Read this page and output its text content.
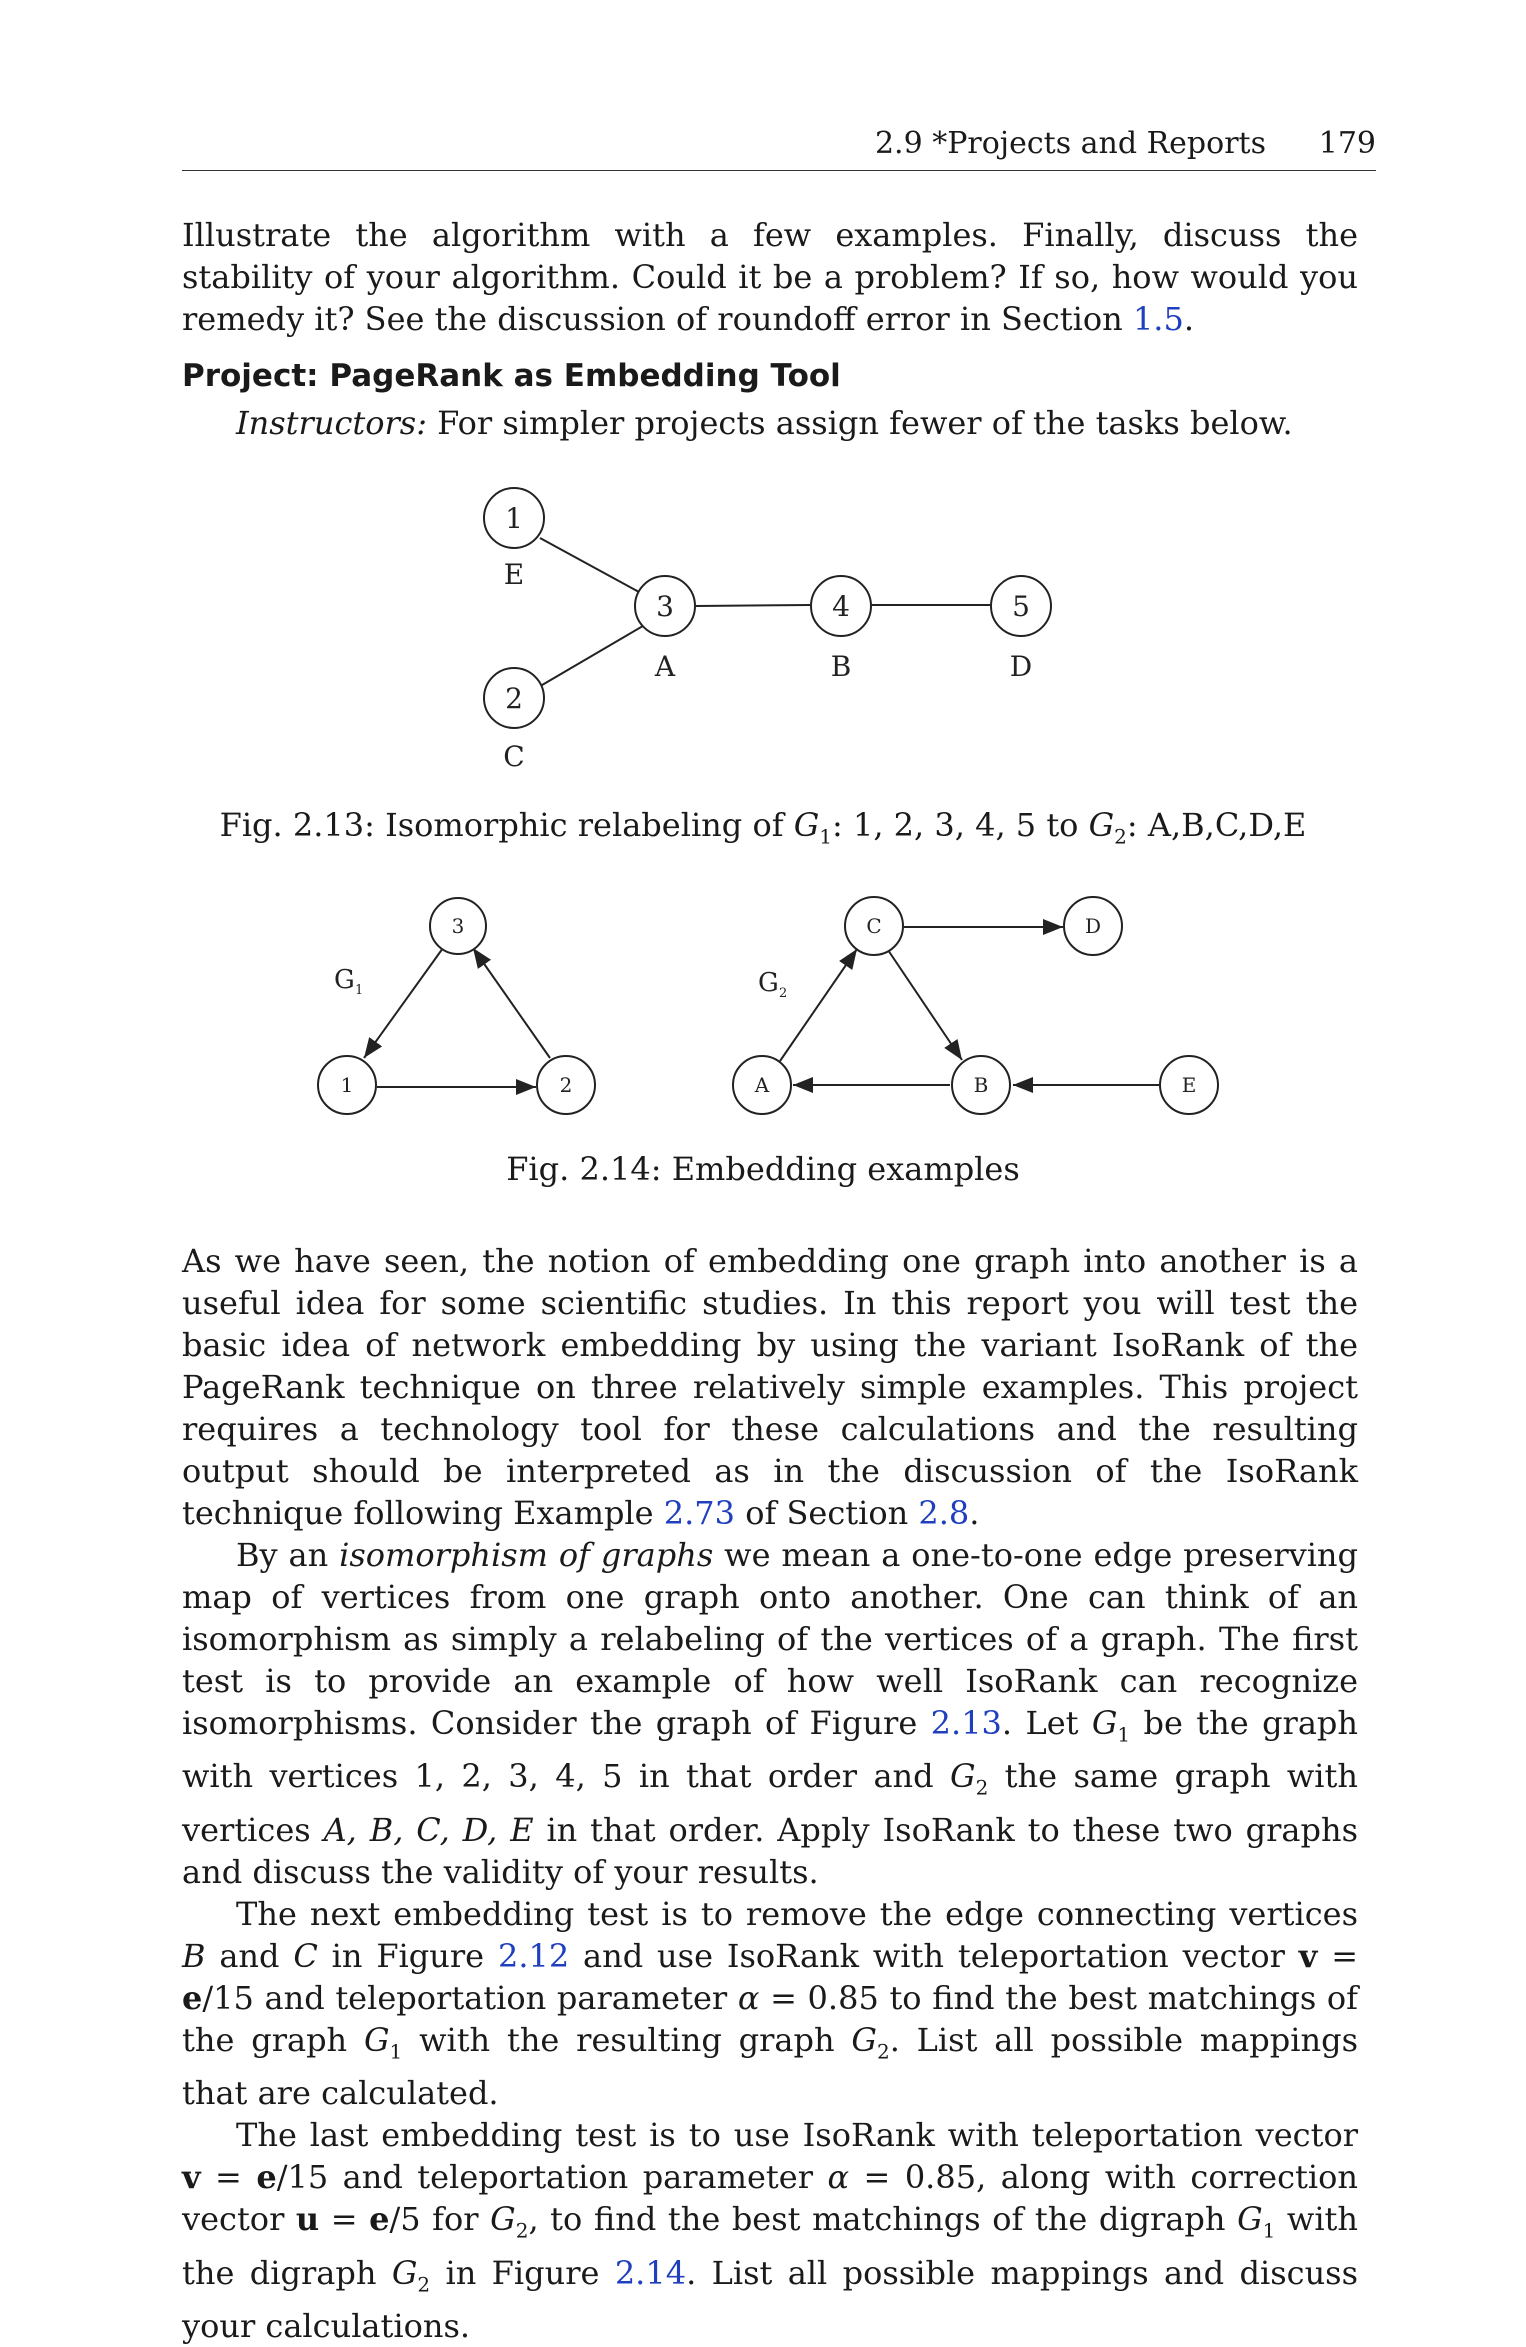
2.9 *Projects and Reports 179

Illustrate the algorithm with a few examples. Finally, discuss the stability of your algorithm. Could it be a problem? If so, how would you remedy it? See the discussion of roundoff error in Section 1.5.

Project: PageRank as Embedding Tool
Instructors: For simpler projects assign fewer of the tasks below.
1
2
3	4	5
E
C
A	B	D
Fig. 2.13: Isomorphic relabeling of $G_1$: 1, 2, 3, 4, 5 to $G_2$: A,B,C,D,E
3
1	2
C	D
A	B	E
G 1	G 2
Fig. 2.14: Embedding examples

As we have seen, the notion of embedding one graph into another is a useful idea for some scientific studies. In this report you will test the basic idea of network embedding by using the variant IsoRank of the PageRank technique on three relatively simple examples. This project requires a technology tool for these calculations and the resulting output should be interpreted as in the discussion of the IsoRank technique following Example 2.73 of Section 2.8.

By an isomorphism of graphs we mean a one-to-one edge preserving map of vertices from one graph onto another. One can think of an isomorphism as simply a relabeling of the vertices of a graph. The first test is to provide an example of how well IsoRank can recognize isomorphisms. Consider the graph of Figure 2.13. Let $G_1$ be the graph with vertices 1, 2, 3, 4, 5 in that order and $G_2$ the same graph with vertices A, B, C, D, E in that order. Apply IsoRank to these two graphs and discuss the validity of your results.

The next embedding test is to remove the edge connecting vertices B and C in Figure 2.12 and use IsoRank with teleportation vector v = e/15 and teleportation parameter α = 0.85 to find the best matchings of the graph $G_1$ with the resulting graph $G_2$. List all possible mappings that are calculated.

The last embedding test is to use IsoRank with teleportation vector v = e/15 and teleportation parameter α = 0.85, along with correction vector u = e/5 for $G_2$, to find the best matchings of the digraph $G_1$ with the digraph $G_2$ in Figure 2.14. List all possible mappings and discuss your calculations.
